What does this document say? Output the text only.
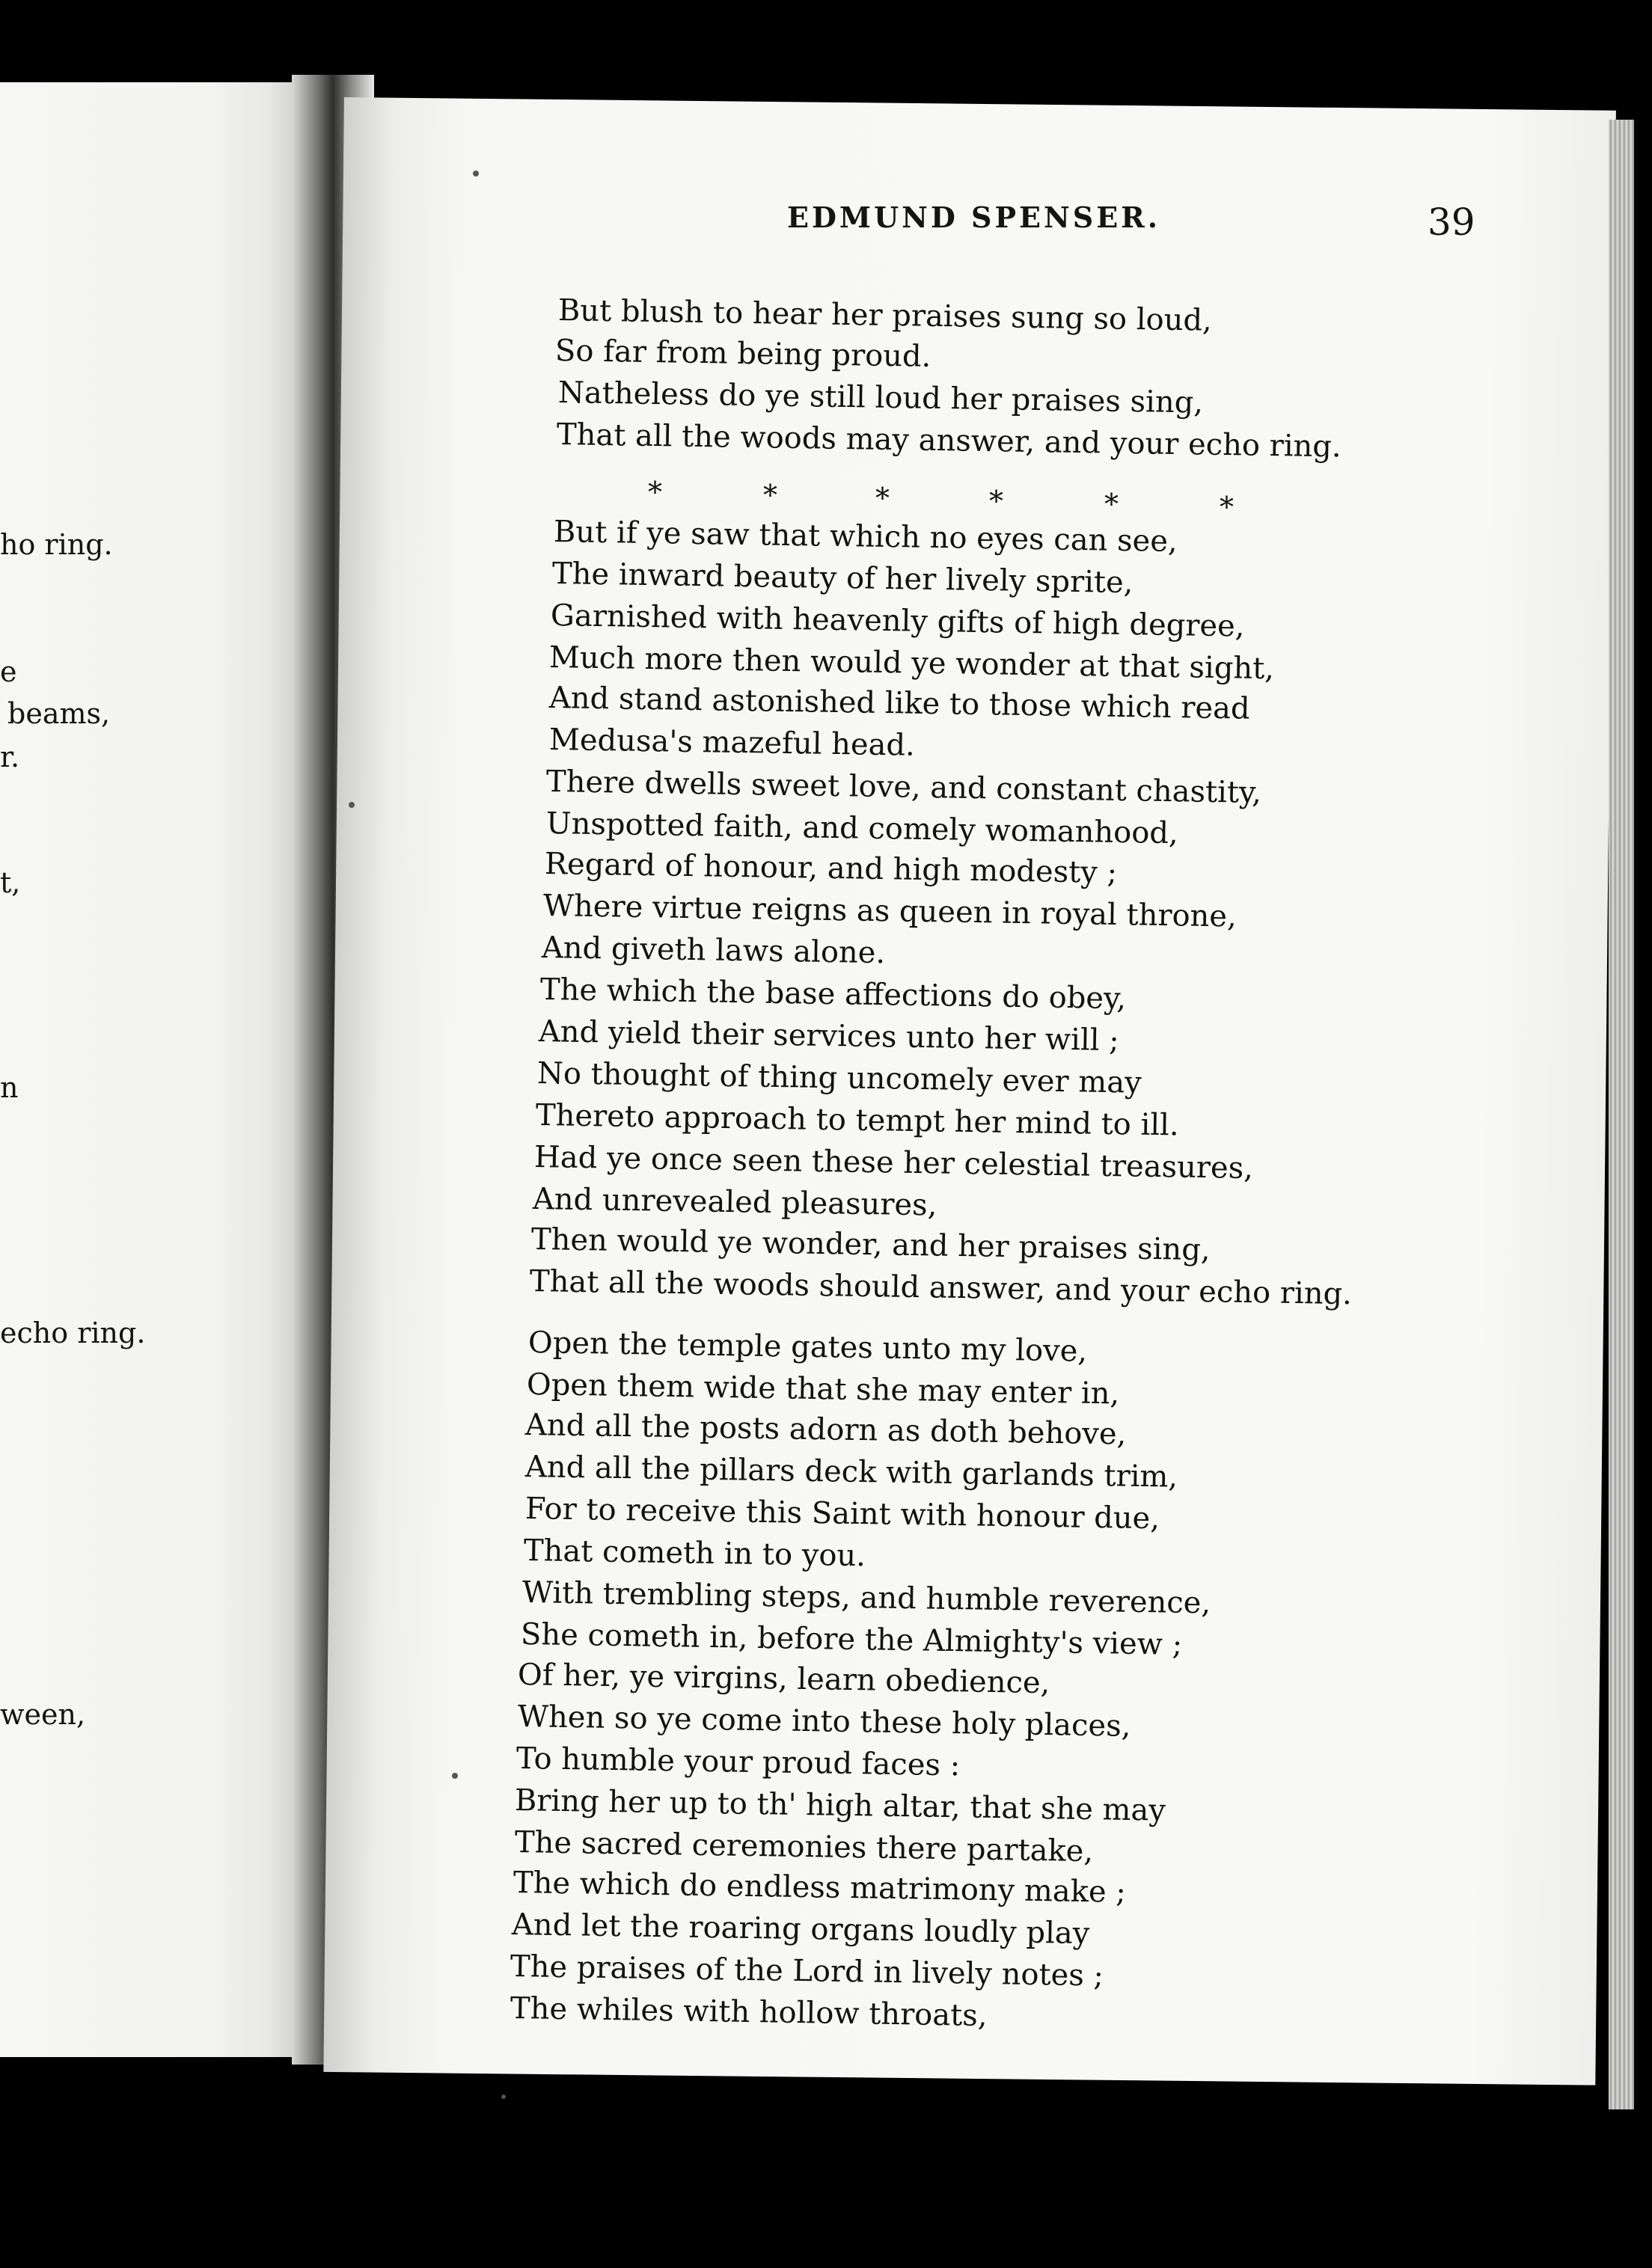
ho ring.
e
beams,
r.
t,
n
echo ring.
ween,
EDMUND SPENSER.	39
But blush to hear her praises sung so loud,
So far from being proud.
Natheless do ye still loud her praises sing,
That all the woods may answer, and your echo ring.
But if ye saw that which no eyes can see,
The inward beauty of her lively sprite,
Garnished with heavenly gifts of high degree,
Much more then would ye wonder at that sight,
And stand astonished like to those which read
Medusa's mazeful head.
There dwells sweet love, and constant chastity,
Unspotted faith, and comely womanhood,
Regard of honour, and high modesty ;
Where virtue reigns as queen in royal throne,
And giveth laws alone.
The which the base affections do obey,
And yield their services unto her will ;
No thought of thing uncomely ever may
Thereto approach to tempt her mind to ill.
Had ye once seen these her celestial treasures,
And unrevealed pleasures,
Then would ye wonder, and her praises sing,
That all the woods should answer, and your echo ring.
Open the temple gates unto my love,
Open them wide that she may enter in,
And all the posts adorn as doth behove,
And all the pillars deck with garlands trim,
For to receive this Saint with honour due,
That cometh in to you.
With trembling steps, and humble reverence,
She cometh in, before the Almighty's view ;
Of her, ye virgins, learn obedience,
When so ye come into these holy places,
To humble your proud faces :
Bring her up to th' high altar, that she may
The sacred ceremonies there partake,
The which do endless matrimony make ;
And let the roaring organs loudly play
The praises of the Lord in lively notes ;
The whiles with hollow throats,
*	*	*	*	*	*
